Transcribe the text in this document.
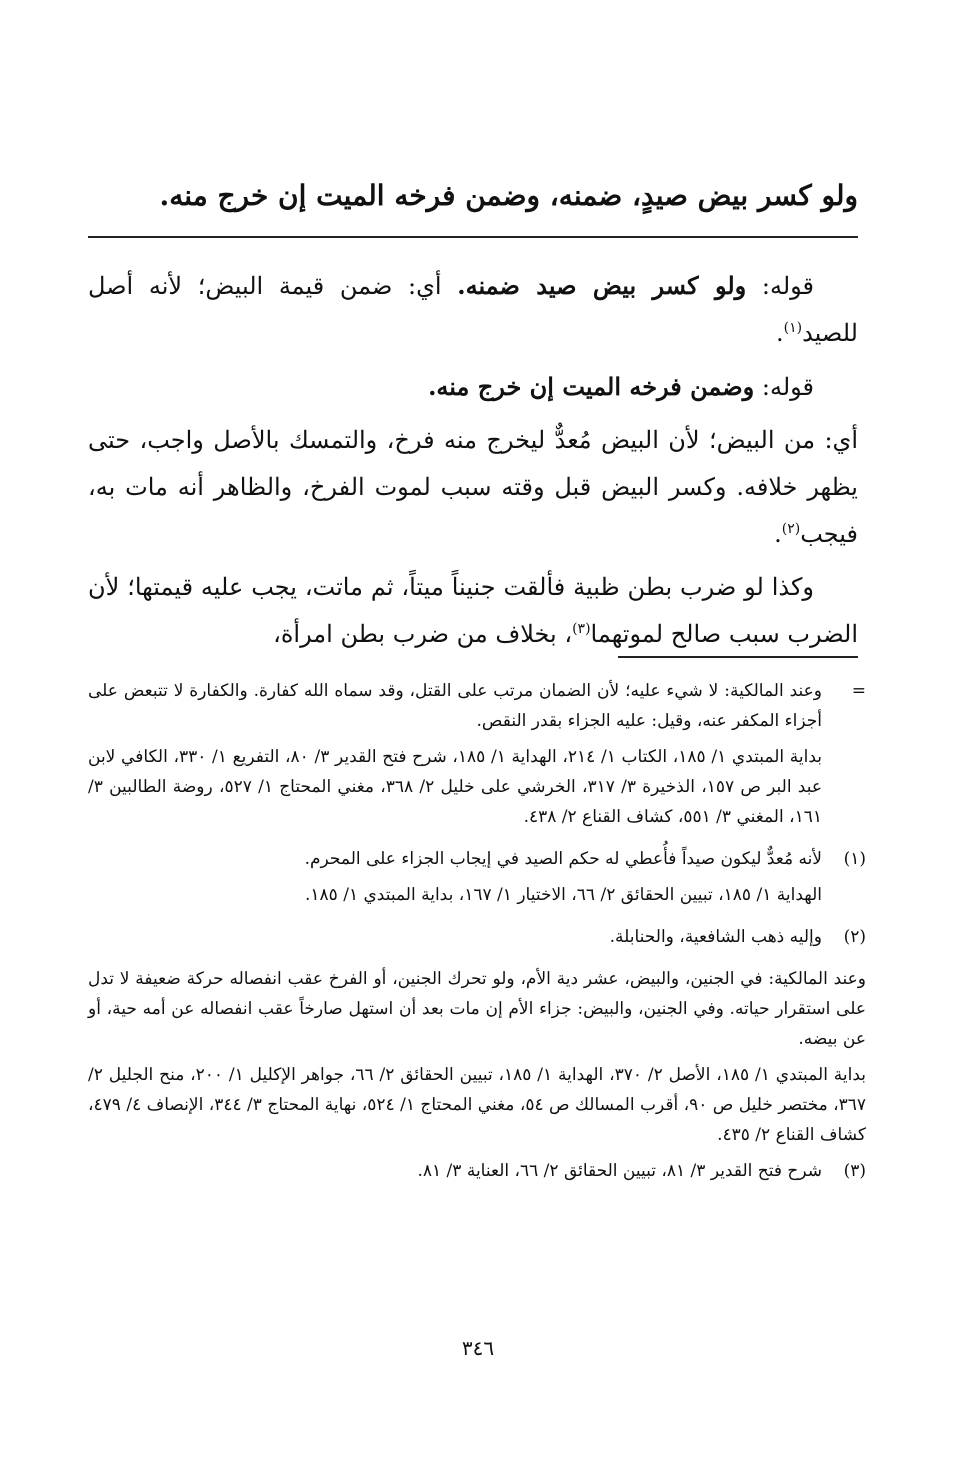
ولو كسر بيض صيدٍ، ضمنه، وضمن فرخه الميت إن خرج منه.

قوله: ولو كسر بيض صيد ضمنه. أي: ضمن قيمة البيض؛ لأنه أصل للصيد$^{(١)}$.

قوله: وضمن فرخه الميت إن خرج منه.

أي: من البيض؛ لأن البيض مُعدٌّ ليخرج منه فرخ، والتمسك بالأصل واجب، حتى يظهر خلافه. وكسر البيض قبل وقته سبب لموت الفرخ، والظاهر أنه مات به، فيجب$^{(٢)}$.

وكذا لو ضرب بطن ظبية فألقت جنيناً ميتاً، ثم ماتت، يجب عليه قيمتها؛ لأن الضرب سبب صالح لموتهما$^{(٣)}$، بخلاف من ضرب بطن امرأة،

=

وعند المالكية: لا شيء عليه؛ لأن الضمان مرتب على القتل، وقد سماه الله كفارة. والكفارة لا تتبعض على أجزاء المكفر عنه، وقيل: عليه الجزاء بقدر النقص.

بداية المبتدي ١/ ١٨٥، الكتاب ١/ ٢١٤، الهداية ١/ ١٨٥، شرح فتح القدير ٣/ ٨٠، التفريع ١/ ٣٣٠، الكافي لابن عبد البر ص ١٥٧، الذخيرة ٣/ ٣١٧، الخرشي على خليل ٢/ ٣٦٨، مغني المحتاج ١/ ٥٢٧، روضة الطالبين ٣/ ١٦١، المغني ٣/ ٥٥١، كشاف القناع ٢/ ٤٣٨.

(١)

لأنه مُعدٌّ ليكون صيداً فأُعطي له حكم الصيد في إيجاب الجزاء على المحرم.

الهداية ١/ ١٨٥، تبيين الحقائق ٢/ ٦٦، الاختيار ١/ ١٦٧، بداية المبتدي ١/ ١٨٥.

(٢)

وإليه ذهب الشافعية، والحنابلة.

وعند المالكية: في الجنين، والبيض، عشر دية الأم، ولو تحرك الجنين، أو الفرخ عقب انفصاله حركة ضعيفة لا تدل على استقرار حياته. وفي الجنين، والبيض: جزاء الأم إن مات بعد أن استهل صارخاً عقب انفصاله عن أمه حية، أو عن بيضه.

بداية المبتدي ١/ ١٨٥، الأصل ٢/ ٣٧٠، الهداية ١/ ١٨٥، تبيين الحقائق ٢/ ٦٦، جواهر الإكليل ١/ ٢٠٠، منح الجليل ٢/ ٣٦٧، مختصر خليل ص ٩٠، أقرب المسالك ص ٥٤، مغني المحتاج ١/ ٥٢٤، نهاية المحتاج ٣/ ٣٤٤، الإنصاف ٤/ ٤٧٩، كشاف القناع ٢/ ٤٣٥.

(٣)

شرح فتح القدير ٣/ ٨١، تبيين الحقائق ٢/ ٦٦، العناية ٣/ ٨١.

٣٤٦
